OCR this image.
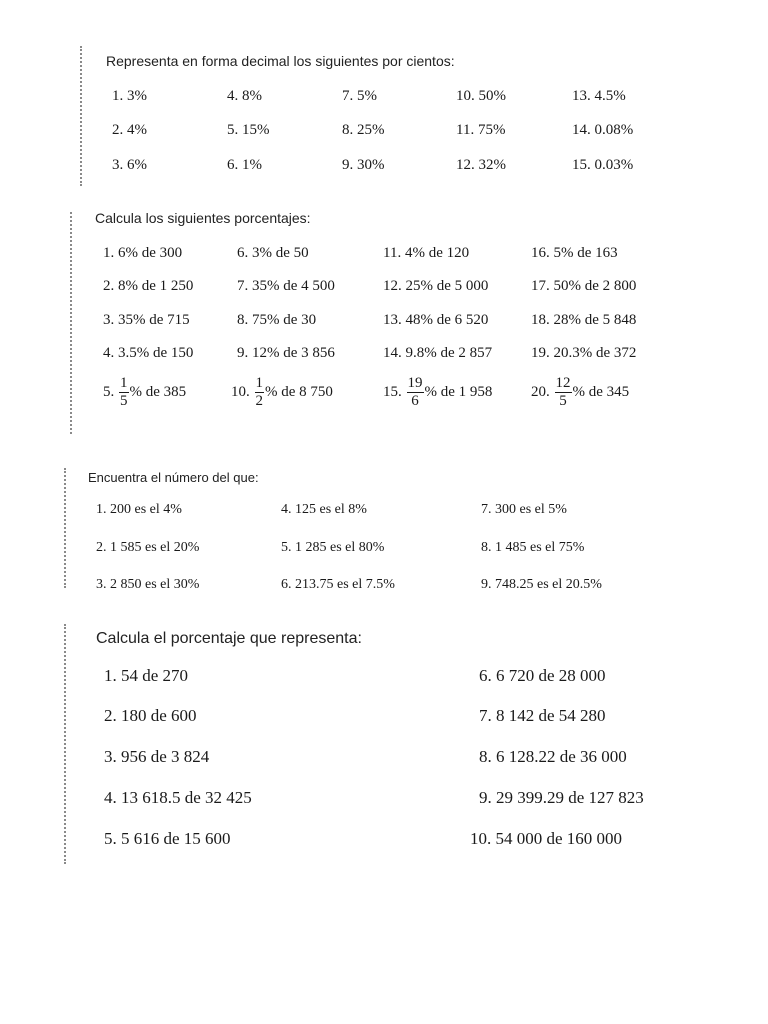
Representa en forma decimal los siguientes por cientos:
1. 3%	4. 8%	7. 5%	10. 50%	13. 4.5%
2. 4%	5. 15%	8. 25%	11. 75%	14. 0.08%
3. 6%	6. 1%	9. 30%	12. 32%	15. 0.03%
Calcula los siguientes porcentajes:
1. 6% de 300	6. 3% de 50	11. 4% de 120	16. 5% de 163
2. 8% de 1 250	7. 35% de 4 500	12. 25% de 5 000	17. 50% de 2 800
3. 35% de 715	8. 75% de 30	13. 48% de 6 520	18. 28% de 5 848
4. 3.5% de 150	9. 12% de 3 856	14. 9.8% de 2 857	19. 20.3% de 372
5. $\frac{1}{5}$ % de 385	10. $\frac{1}{2}$ % de 8 750	15. $\frac{19}{6}$ % de 1 958	20. $\frac{12}{5}$ % de 345
Encuentra el número del que:
1. 200 es el 4%	4. 125 es el 8%	7. 300 es el 5%
2. 1 585 es el 20%	5. 1 285 es el 80%	8. 1 485 es el 75%
3. 2 850 es el 30%	6. 213.75 es el 7.5%	9. 748.25 es el 20.5%
Calcula el porcentaje que representa:
1. 54 de 270	6. 6 720 de 28 000
2. 180 de 600	7. 8 142 de 54 280
3. 956 de 3 824	8. 6 128.22 de 36 000
4. 13 618.5 de 32 425	9. 29 399.29 de 127 823
5. 5 616 de 15 600	10. 54 000 de 160 000
